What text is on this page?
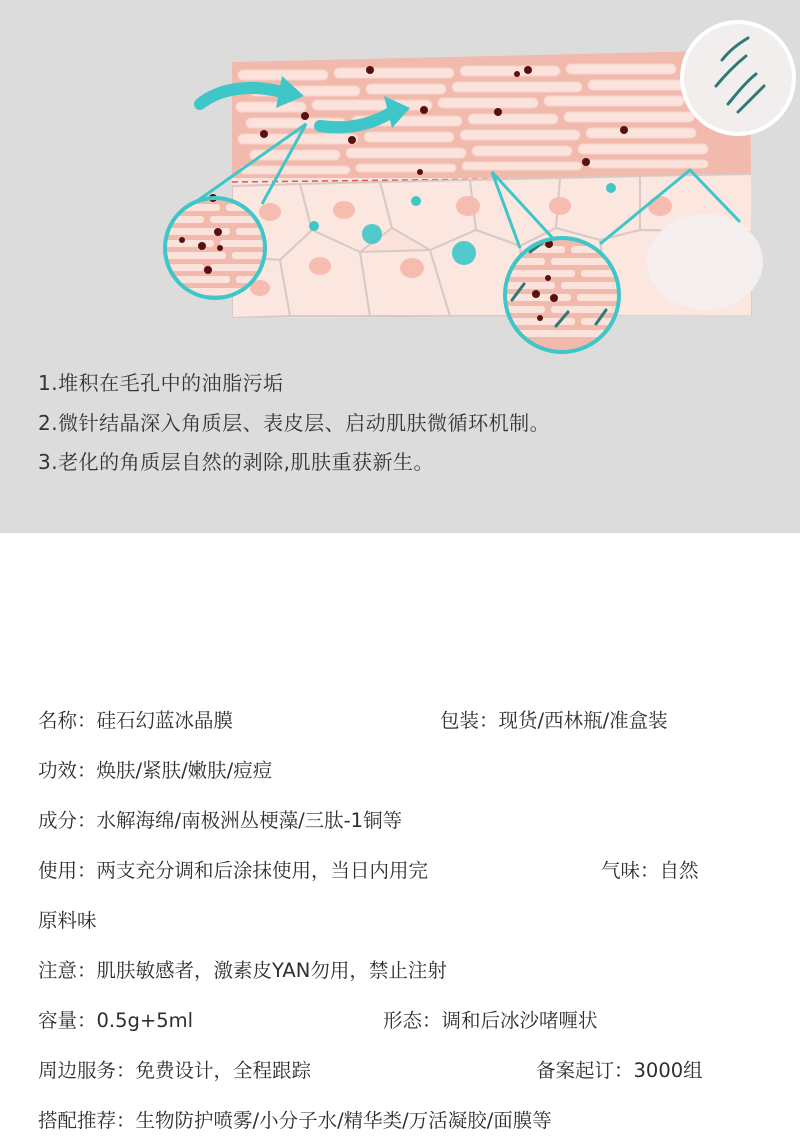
1.堆积在毛孔中的油脂污垢
2.微针结晶深入角质层、表皮层、启动肌肤微循环机制。
3.老化的角质层自然的剥除,肌肤重获新生。
名称：硅石幻蓝冰晶膜	包装：现货/西林瓶/准盒装
功效：焕肤/紧肤/嫩肤/痘痘
成分：水解海绵/南极洲丛梗藻/三肽-1铜等
使用：两支充分调和后涂抹使用，当日内用完	气味：自然
原料味
注意：肌肤敏感者，激素皮YAN勿用，禁止注射
容量：0.5g+5ml	形态：调和后冰沙啫喱状
周边服务：免费设计，全程跟踪	备案起订：3000组
搭配推荐：生物防护喷雾/小分子水/精华类/万活凝胶/面膜等
